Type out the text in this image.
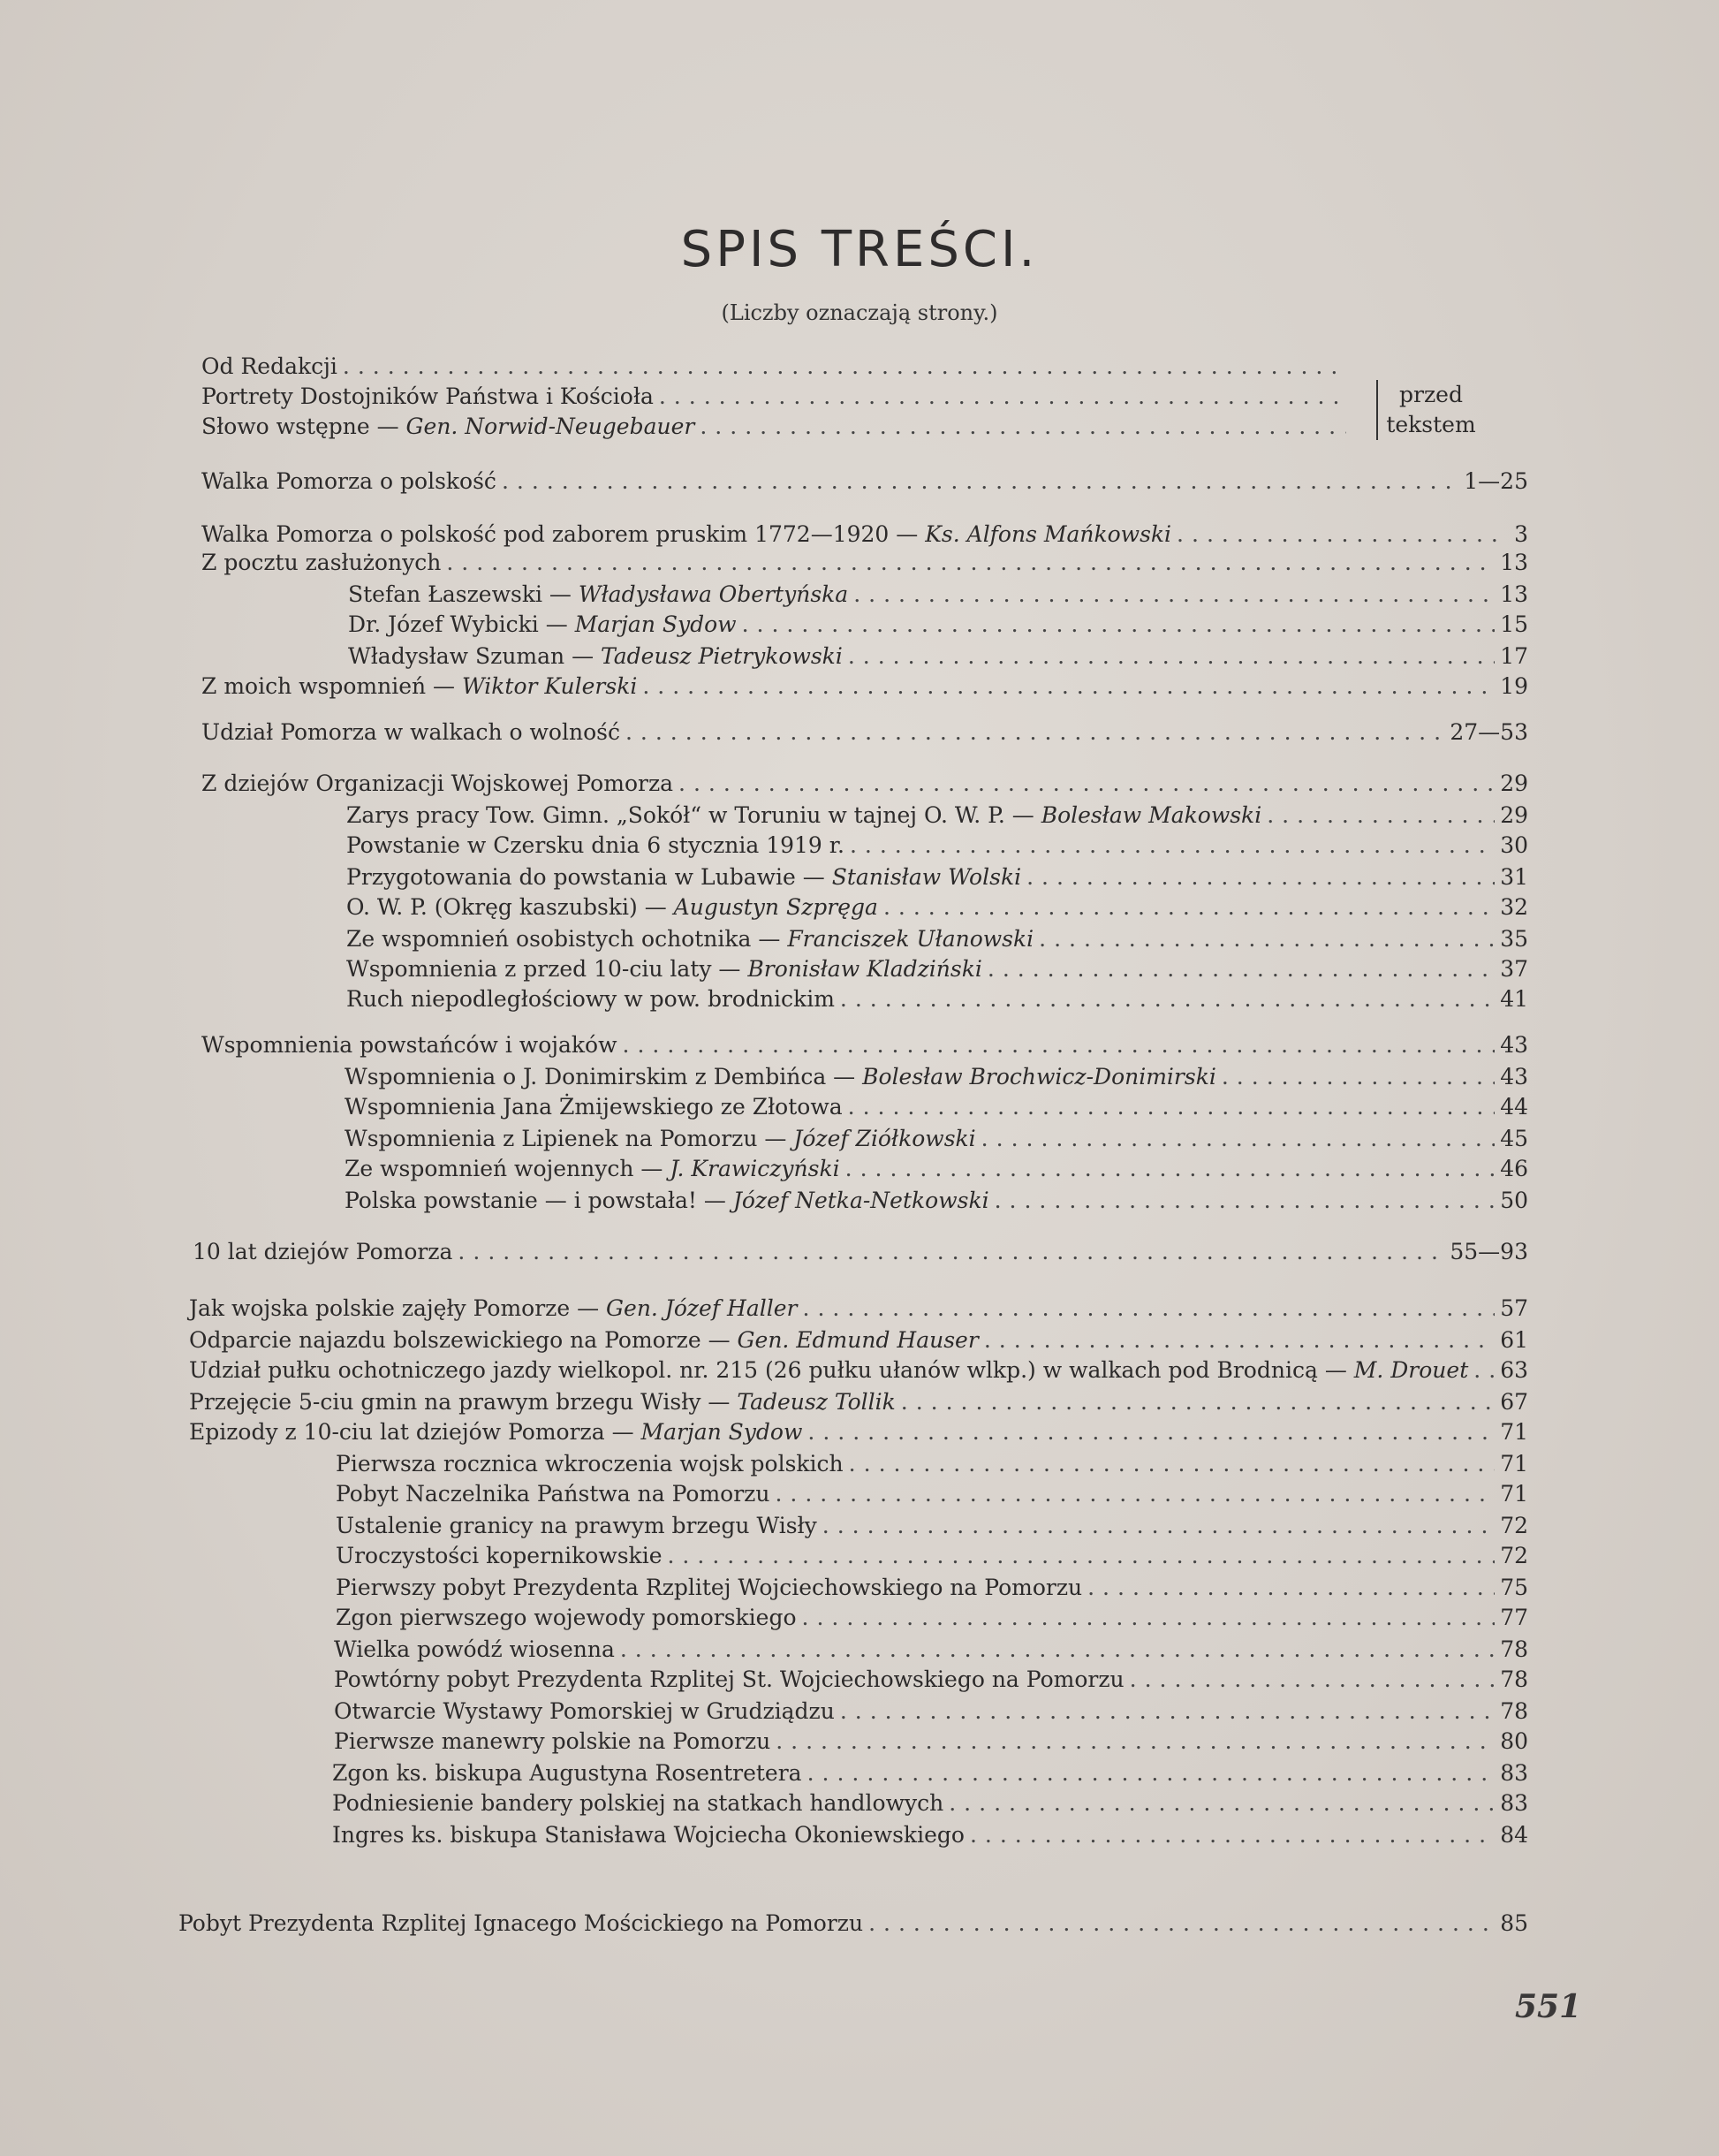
SPIS TREŚCI.
(Liczby oznaczają strony.)
przed
tekstem
Od Redakcji
.....
Portrety Dostojników Państwa i Kościoła
.....
Słowo wstępne — Gen. Norwid-Neugebauer
.....
Walka Pomorza o polskość .....	1—25
Walka Pomorza o polskość pod zaborem pruskim 1772—1920 — Ks. Alfons Mańkowski .....	3
Z pocztu zasłużonych .....	13
Stefan Łaszewski — Władysława Obertyńska .....	13
Dr. Józef Wybicki — Marjan Sydow .....	15
Władysław Szuman — Tadeusz Pietrykowski .....	17
Z moich wspomnień — Wiktor Kulerski .....	19
Udział Pomorza w walkach o wolność .....	27—53
Z dziejów Organizacji Wojskowej Pomorza .....	29
Zarys pracy Tow. Gimn. „Sokół“ w Toruniu w tajnej O. W. P. — Bolesław Makowski .....	29
Powstanie w Czersku dnia 6 stycznia 1919 r. .....	30
Przygotowania do powstania w Lubawie — Stanisław Wolski .....	31
O. W. P. (Okręg kaszubski) — Augustyn Szpręga .....	32
Ze wspomnień osobistych ochotnika — Franciszek Ułanowski .....	35
Wspomnienia z przed 10-ciu laty — Bronisław Kladziński .....	37
Ruch niepodległościowy w pow. brodnickim .....	41
Wspomnienia powstańców i wojaków .....	43
Wspomnienia o J. Donimirskim z Dembińca — Bolesław Brochwicz-Donimirski .....	43
Wspomnienia Jana Żmijewskiego ze Złotowa .....	44
Wspomnienia z Lipienek na Pomorzu — Józef Ziółkowski .....	45
Ze wspomnień wojennych — J. Krawiczyński .....	46
Polska powstanie — i powstała! — Józef Netka-Netkowski .....	50
10 lat dziejów Pomorza .....	55—93
Jak wojska polskie zajęły Pomorze — Gen. Józef Haller .....	57
Odparcie najazdu bolszewickiego na Pomorze — Gen. Edmund Hauser .....	61
Udział pułku ochotniczego jazdy wielkopol. nr. 215 (26 pułku ułanów wlkp.) w walkach pod Brodnicą — M. Drouet ..... 63
Przejęcie 5-ciu gmin na prawym brzegu Wisły — Tadeusz Tollik .....	67
Epizody z 10-ciu lat dziejów Pomorza — Marjan Sydow .....	71
Pierwsza rocznica wkroczenia wojsk polskich .....	71
Pobyt Naczelnika Państwa na Pomorzu .....	71
Ustalenie granicy na prawym brzegu Wisły .....	72
Uroczystości kopernikowskie .....	72
Pierwszy pobyt Prezydenta Rzplitej Wojciechowskiego na Pomorzu .....	75
Zgon pierwszego wojewody pomorskiego .....	77
Wielka powódź wiosenna .....	78
Powtórny pobyt Prezydenta Rzplitej St. Wojciechowskiego na Pomorzu .....	78
Otwarcie Wystawy Pomorskiej w Grudziądzu .....	78
Pierwsze manewry polskie na Pomorzu .....	80
Zgon ks. biskupa Augustyna Rosentretera .....	83
Podniesienie bandery polskiej na statkach handlowych .....	83
Ingres ks. biskupa Stanisława Wojciecha Okoniewskiego .....	84
Pobyt Prezydenta Rzplitej Ignacego Mościckiego na Pomorzu .....	85
551
